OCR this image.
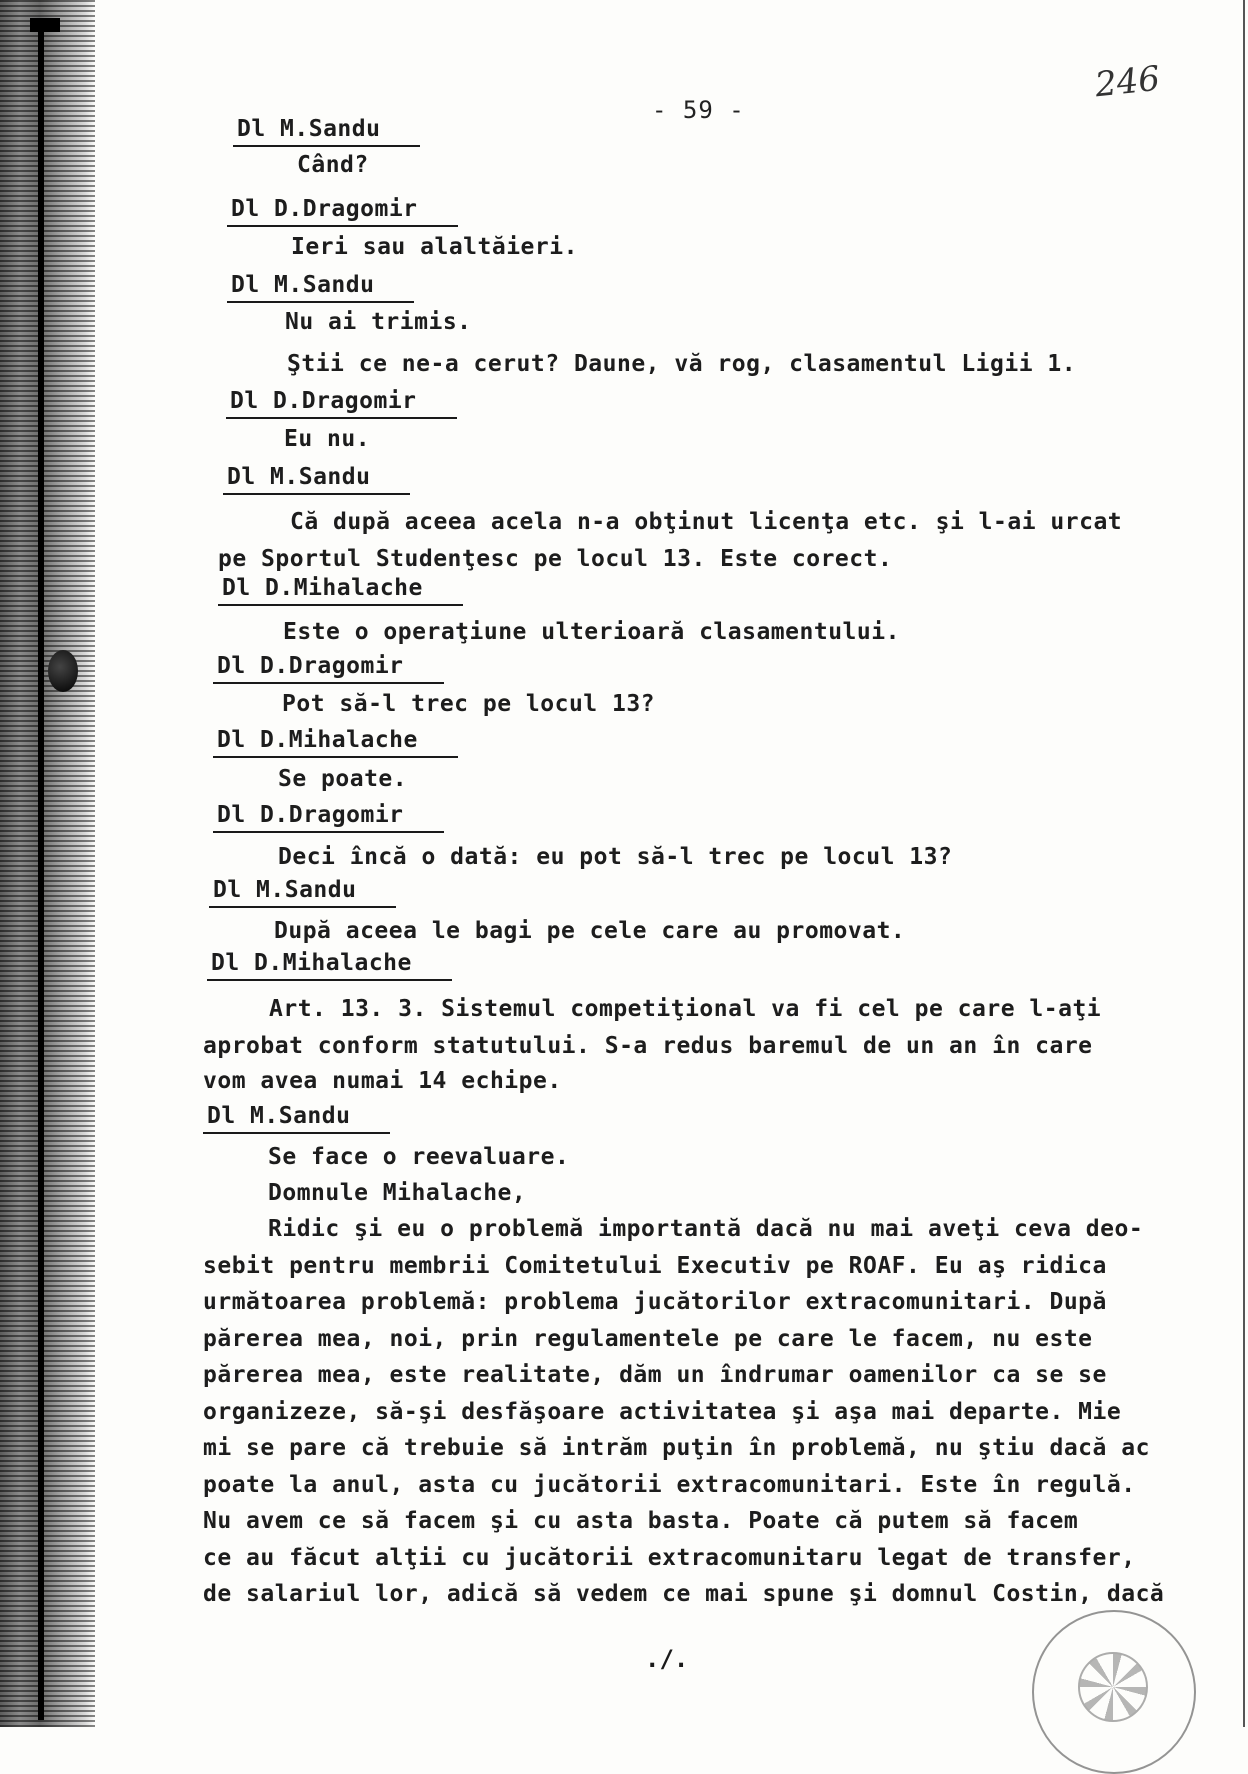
- 59 -
246
Dl M.Sandu
Când?
Dl D.Dragomir
Ieri sau alaltăieri.
Dl M.Sandu
Nu ai trimis.
Ştii ce ne-a cerut? Daune, vă rog, clasamentul Ligii 1.
Dl D.Dragomir
Eu nu.
Dl M.Sandu
Că după aceea acela n-a obţinut licenţa etc. şi l-ai urcat
pe Sportul Studenţesc pe locul 13. Este corect.
Dl D.Mihalache
Este o operaţiune ulterioară clasamentului.
Dl D.Dragomir
Pot să-l trec pe locul 13?
Dl D.Mihalache
Se poate.
Dl D.Dragomir
Deci încă o dată: eu pot să-l trec pe locul 13?
Dl M.Sandu
După aceea le bagi pe cele care au promovat.
Dl D.Mihalache
Art. 13. 3. Sistemul competiţional va fi cel pe care l-aţi
aprobat conform statutului. S-a redus baremul de un an în care
vom avea numai 14 echipe.
Dl M.Sandu
Se face o reevaluare.
Domnule Mihalache,
Ridic şi eu o problemă importantă dacă nu mai aveţi ceva deo-
sebit pentru membrii Comitetului Executiv pe ROAF. Eu aş ridica
următoarea problemă: problema jucătorilor extracomunitari. După
părerea mea, noi, prin regulamentele pe care le facem, nu este
părerea mea, este realitate, dăm un îndrumar oamenilor ca se se
organizeze, să-şi desfăşoare activitatea şi aşa mai departe. Mie
mi se pare că trebuie să intrăm puţin în problemă, nu ştiu dacă ac
poate la anul, asta cu jucătorii extracomunitari. Este în regulă.
Nu avem ce să facem şi cu asta basta. Poate că putem să facem
ce au făcut alţii cu jucătorii extracomunitaru legat de transfer,
de salariul lor, adică să vedem ce mai spune şi domnul Costin, dacă
./.
